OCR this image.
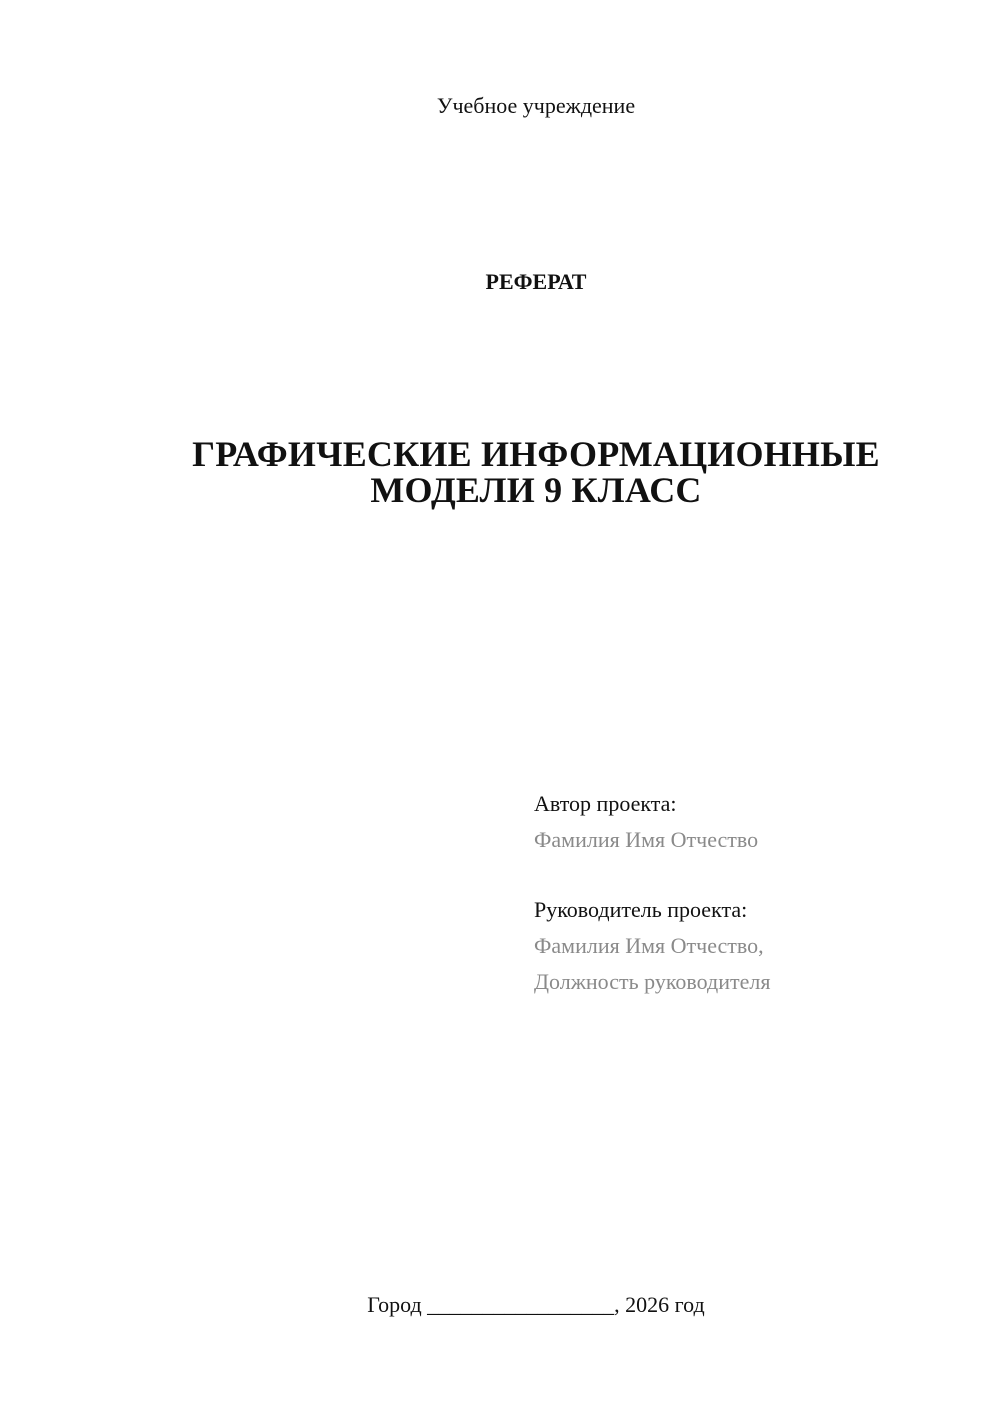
Учебное учреждение
РЕФЕРАТ
ГРАФИЧЕСКИЕ ИНФОРМАЦИОННЫЕ
МОДЕЛИ 9 КЛАСС
Автор проекта:
Фамилия Имя Отчество
Руководитель проекта:
Фамилия Имя Отчество,
Должность руководителя
Город _________________, 2026 год
